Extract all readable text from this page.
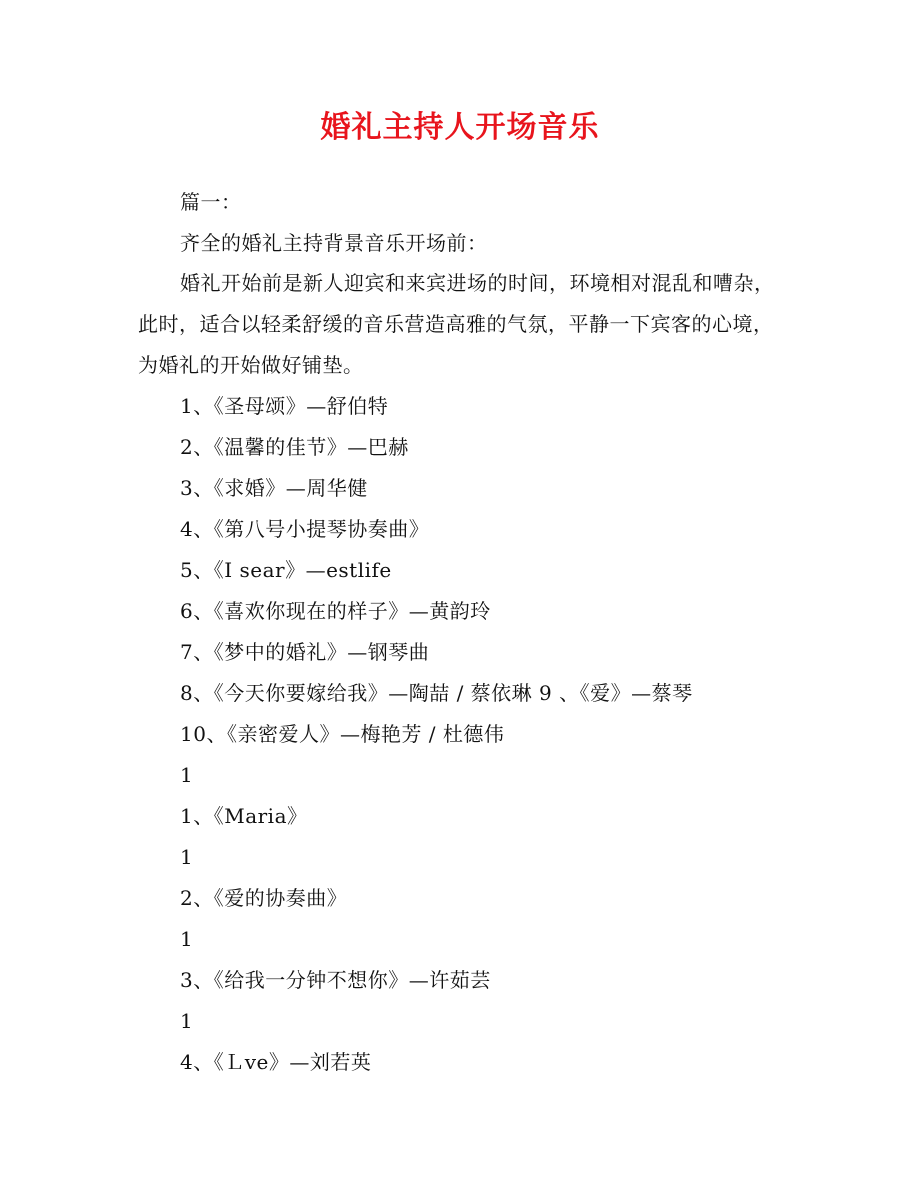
婚礼主持人开场音乐
篇一：
齐全的婚礼主持背景音乐开场前：
婚礼开始前是新人迎宾和来宾进场的时间，环境相对混乱和嘈杂，此时，适合以轻柔舒缓的音乐营造高雅的气氛，平静一下宾客的心境，为婚礼的开始做好铺垫。
1、《圣母颂》—舒伯特
2、《温馨的佳节》—巴赫
3、《求婚》—周华健
4、《第八号小提琴协奏曲》
5、《I sear》—estlife
6、《喜欢你现在的样子》—黄韵玲
7、《梦中的婚礼》—钢琴曲
8、《今天你要嫁给我》—陶喆 / 蔡依琳 9 、《爱》—蔡琴
10、《亲密爱人》—梅艳芳 / 杜德伟
1
1、《Maria》
1
2、《爱的协奏曲》
1
3、《给我一分钟不想你》—许茹芸
1
4、《Ｌve》—刘若英
